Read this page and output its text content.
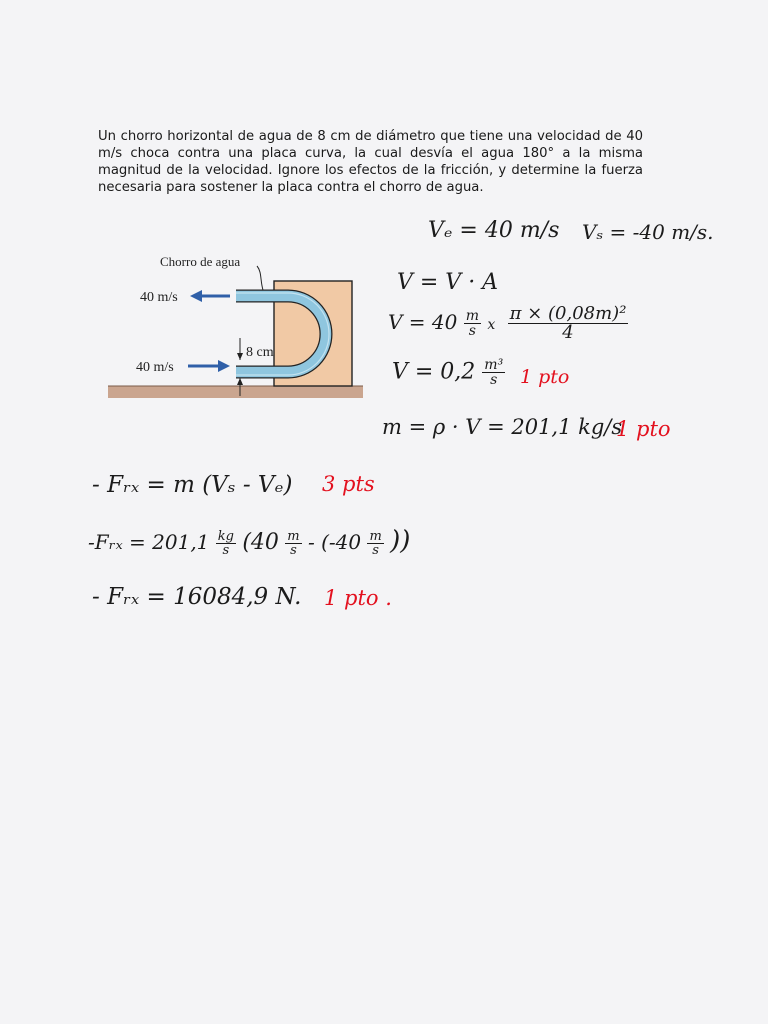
Un chorro horizontal de agua de 8 cm de diámetro que tiene una velocidad de 40 m/s choca contra una placa curva, la cual desvía el agua 180° a la misma magnitud de la velocidad. Ignore los efectos de la fricción, y determine la fuerza necesaria para sostener la placa contra el chorro de agua.

Chorro de agua
40 m/s
40 m/s
8 cm
Vₑ = 40 m/s Vₛ = -40 m/s.
V = V · A
$V = 40 \frac{m}{s}$ x $\frac{\text{π × (0,08m)²}}{4}$
$V = 0,2 \frac{\text{m³}}{s} 1$ pto
m = ρ · V = 201,1 kg/s
1 pto
- Fᵣₓ = m (Vₛ - Vₑ) 3 pts
-Fᵣₓ = $201,1 \frac{kg}{s} (40 \frac{m}{s} - (-40 \frac{m}{s}$ ))
- Fᵣₓ = 16084,9 N. 1 pto .
